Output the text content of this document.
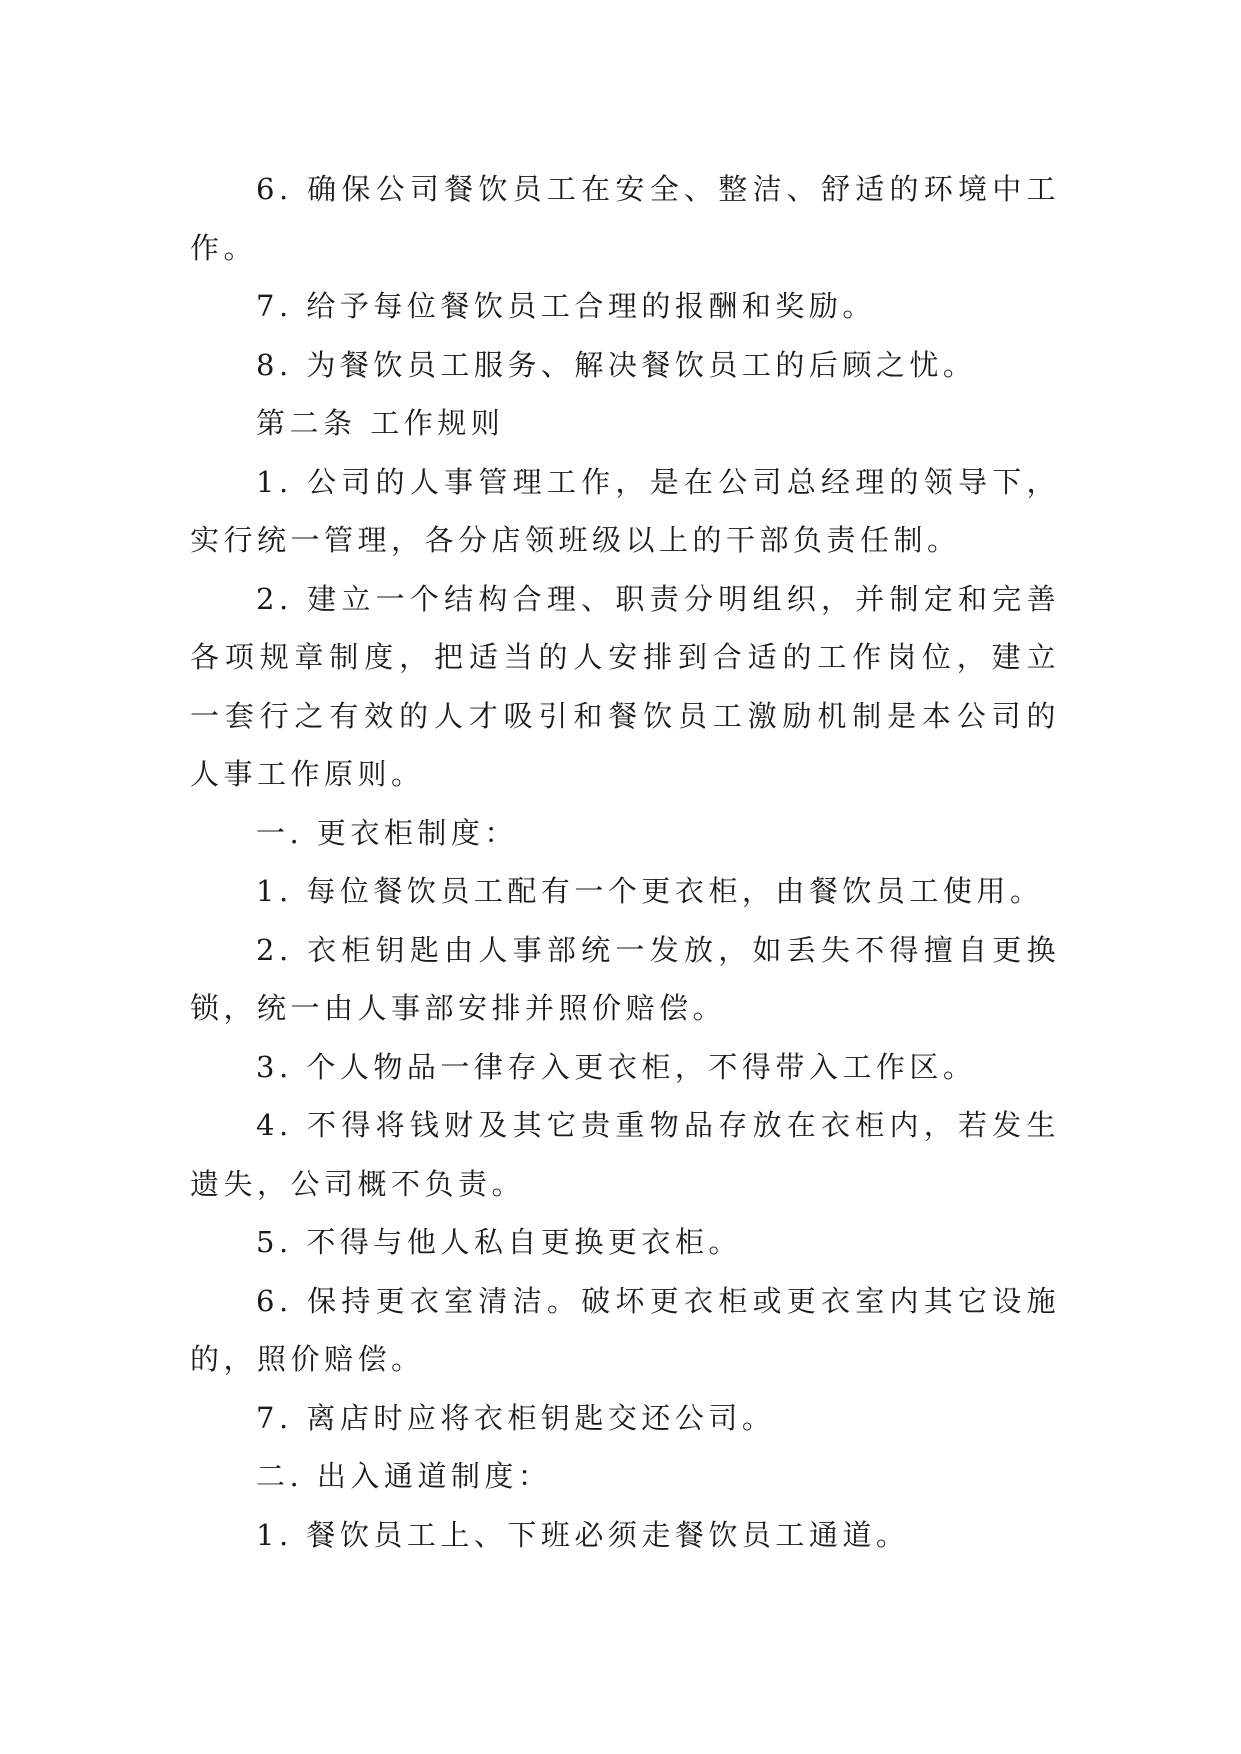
6. 确保公司餐饮员工在安全、整洁、舒适的环境中工作。

7. 给予每位餐饮员工合理的报酬和奖励。

8. 为餐饮员工服务、解决餐饮员工的后顾之忧。

第二条 工作规则

1. 公司的人事管理工作，是在公司总经理的领导下，实行统一管理，各分店领班级以上的干部负责任制。

2. 建立一个结构合理、职责分明组织，并制定和完善各项规章制度，把适当的人安排到合适的工作岗位，建立一套行之有效的人才吸引和餐饮员工激励机制是本公司的人事工作原则。

一. 更衣柜制度：

1. 每位餐饮员工配有一个更衣柜，由餐饮员工使用。

2. 衣柜钥匙由人事部统一发放，如丢失不得擅自更换锁，统一由人事部安排并照价赔偿。

3. 个人物品一律存入更衣柜，不得带入工作区。

4. 不得将钱财及其它贵重物品存放在衣柜内，若发生遗失，公司概不负责。

5. 不得与他人私自更换更衣柜。

6. 保持更衣室清洁。破坏更衣柜或更衣室内其它设施的，照价赔偿。

7. 离店时应将衣柜钥匙交还公司。

二. 出入通道制度：

1. 餐饮员工上、下班必须走餐饮员工通道。
